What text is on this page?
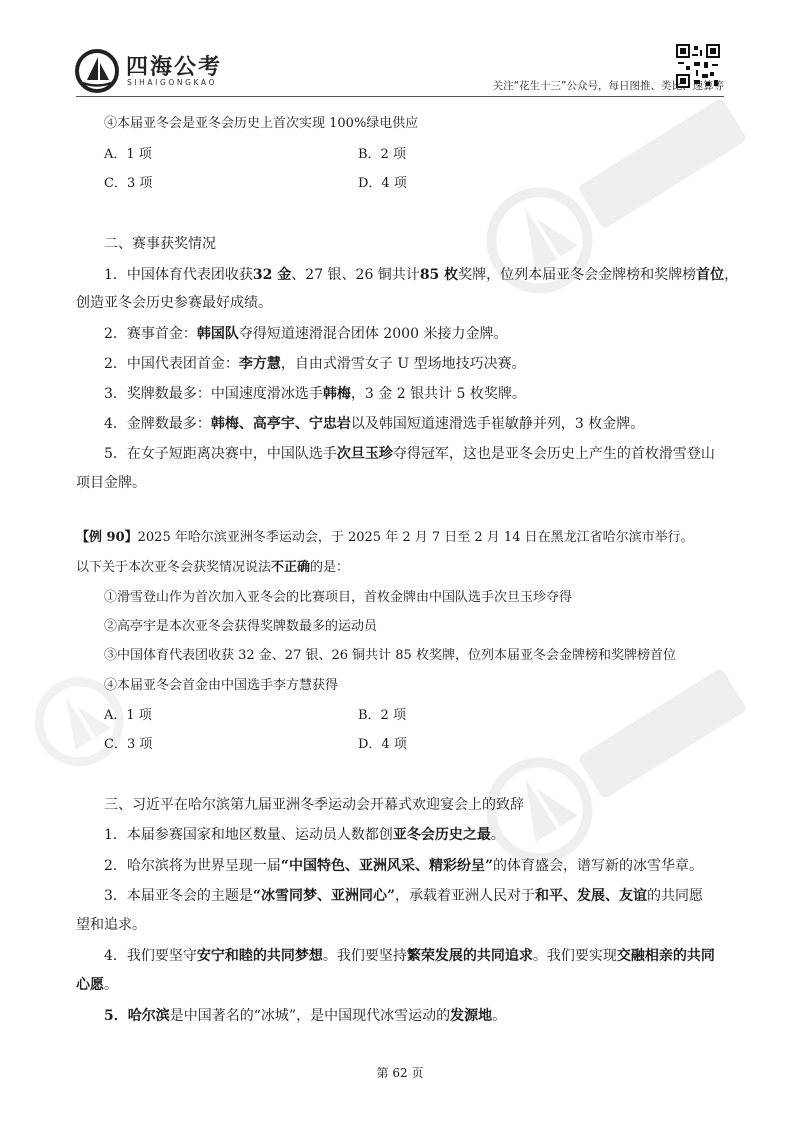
四海公考
SIHAIGONGKAO	关注“花生十三”公众号，每日图推、类比、速算等
④本届亚冬会是亚冬会历史上首次实现 100%绿电供应
A．1 项	B．2 项
C．3 项	D．4 项
二、赛事获奖情况
1．中国体育代表团收获32 金、27 银、26 铜共计85 枚奖牌，位列本届亚冬会金牌榜和奖牌榜首位，
创造亚冬会历史参赛最好成绩。
2．赛事首金：韩国队夺得短道速滑混合团体 2000 米接力金牌。
2．中国代表团首金：李方慧，自由式滑雪女子 U 型场地技巧决赛。
3．奖牌数最多：中国速度滑冰选手韩梅，3 金 2 银共计 5 枚奖牌。
4．金牌数最多：韩梅、高亭宇、宁忠岩以及韩国短道速滑选手崔敏静并列，3 枚金牌。
5．在女子短距离决赛中，中国队选手次旦玉珍夺得冠军，这也是亚冬会历史上产生的首枚滑雪登山
项目金牌。
【例 90】2025 年哈尔滨亚洲冬季运动会，于 2025 年 2 月 7 日至 2 月 14 日在黑龙江省哈尔滨市举行。
以下关于本次亚冬会获奖情况说法不正确的是：
①滑雪登山作为首次加入亚冬会的比赛项目，首枚金牌由中国队选手次旦玉珍夺得
②高亭宇是本次亚冬会获得奖牌数最多的运动员
③中国体育代表团收获 32 金、27 银、26 铜共计 85 枚奖牌，位列本届亚冬会金牌榜和奖牌榜首位
④本届亚冬会首金由中国选手李方慧获得
A．1 项	B．2 项
C．3 项	D．4 项
三、习近平在哈尔滨第九届亚洲冬季运动会开幕式欢迎宴会上的致辞
1．本届参赛国家和地区数量、运动员人数都创亚冬会历史之最。
2．哈尔滨将为世界呈现一届“中国特色、亚洲风采、精彩纷呈”的体育盛会，谱写新的冰雪华章。
3．本届亚冬会的主题是“冰雪同梦、亚洲同心”，承载着亚洲人民对于和平、发展、友谊的共同愿
望和追求。
4．我们要坚守安宁和睦的共同梦想。我们要坚持繁荣发展的共同追求。我们要实现交融相亲的共同
心愿。
5．哈尔滨是中国著名的“冰城”，是中国现代冰雪运动的发源地。
第 62 页
